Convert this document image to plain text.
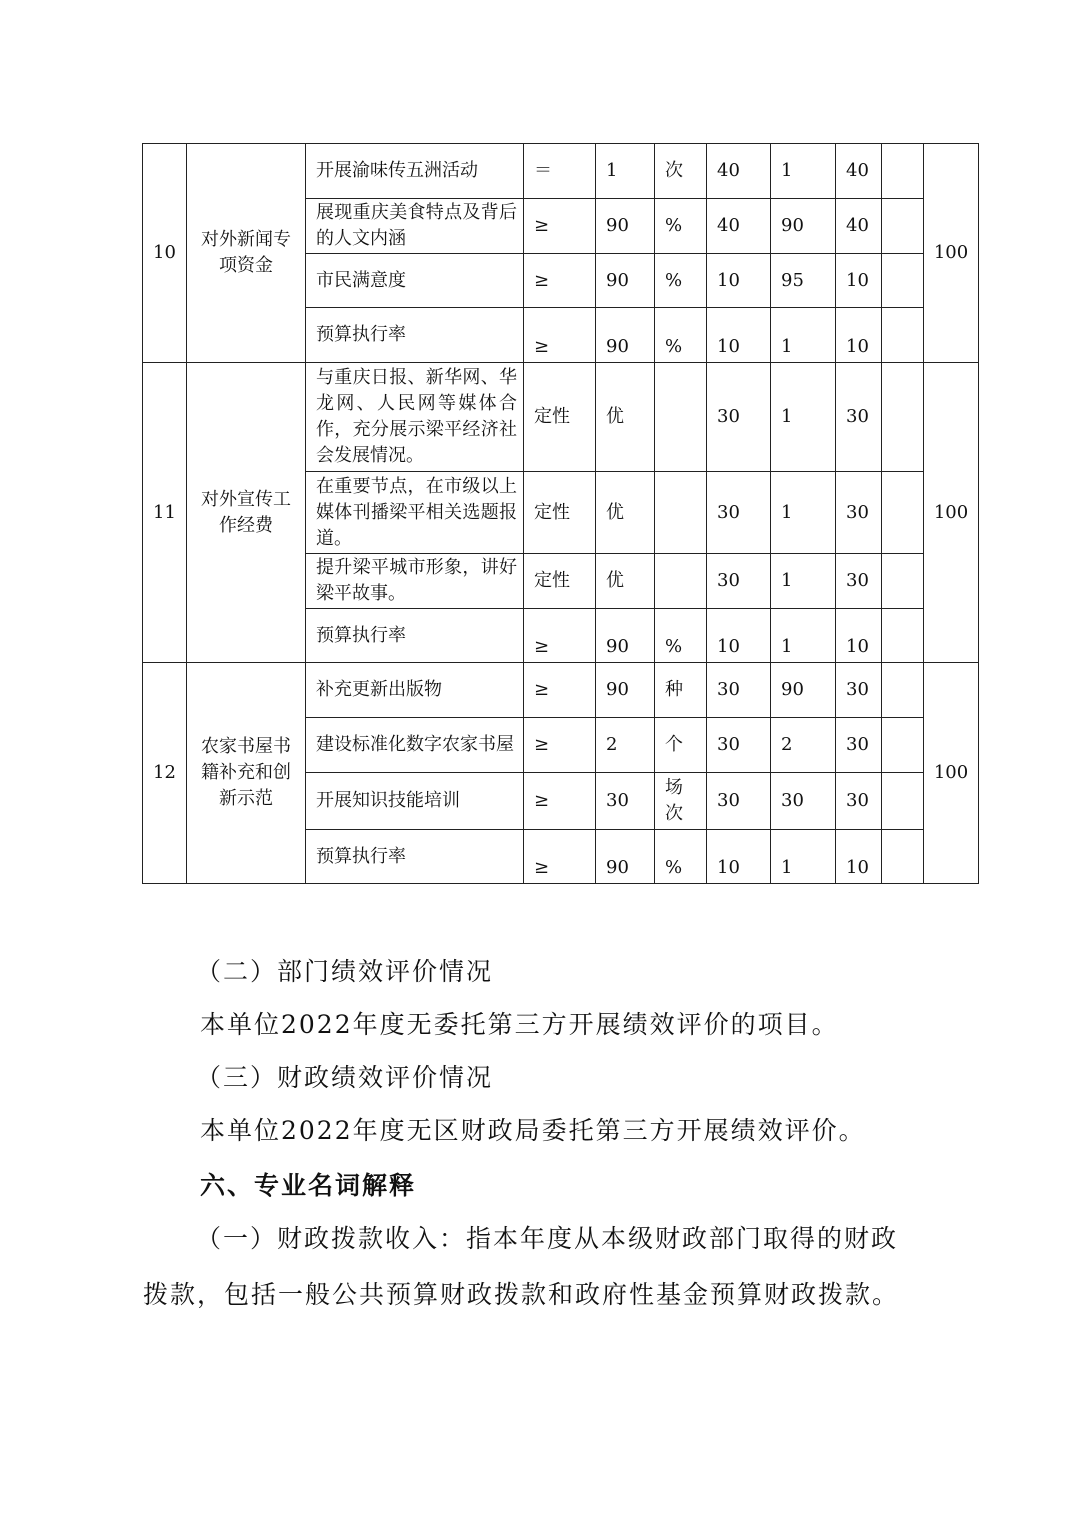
10	对外新闻专项资金	开展渝味传五洲活动	＝	1	次	40	1	40		100
		展现重庆美食特点及背后的人文内涵	≥	90	%	40	90	40		
		市民满意度	≥	90	%	10	95	10		
		预算执行率	≥	90	%	10	1	10		
11	对外宣传工作经费	与重庆日报、新华网、华龙网、人民网等媒体合作，充分展示梁平经济社会发展情况。	定性	优		30	1	30		100
		在重要节点，在市级以上媒体刊播梁平相关选题报道。	定性	优		30	1	30		
		提升梁平城市形象，讲好梁平故事。	定性	优		30	1	30		
		预算执行率	≥	90	%	10	1	10		
12	农家书屋书籍补充和创新示范	补充更新出版物	≥	90	种	30	90	30		100
		建设标准化数字农家书屋	≥	2	个	30	2	30		
		开展知识技能培训	≥	30	场次	30	30	30		
		预算执行率	≥	90	%	10	1	10		
（二）部门绩效评价情况
本单位2022年度无委托第三方开展绩效评价的项目。
（三）财政绩效评价情况
本单位2022年度无区财政局委托第三方开展绩效评价。
六、专业名词解释
（一）财政拨款收入：指本年度从本级财政部门取得的财政
拨款，包括一般公共预算财政拨款和政府性基金预算财政拨款。
